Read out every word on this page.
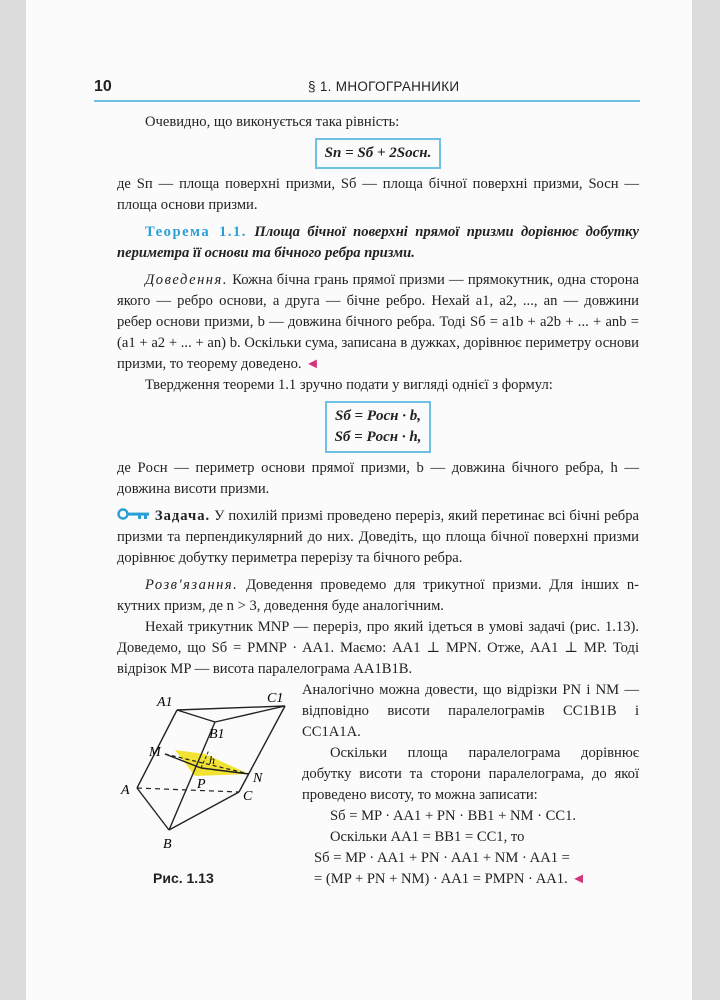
10	§ 1. МНОГОГРАННИКИ

Очевидно, що виконується така рівність:

Sп = Sб + 2Sосн.

де Sп — площа поверхні призми, Sб — площа бічної поверхні призми, Sосн — площа основи призми.

Теорема 1.1. Площа бічної поверхні прямої призми дорівнює добутку периметра її основи та бічного ребра призми.

Доведення. Кожна бічна грань прямої призми — прямокутник, одна сторона якого — ребро основи, а друга — бічне ребро. Нехай a1, a2, ..., an — довжини ребер основи призми, b — довжина бічного ребра. Тоді Sб = a1b + a2b + ... + anb = (a1 + a2 + ... + an) b. Оскільки сума, записана в дужках, дорівнює периметру основи призми, то теорему доведено. ◄

Твердження теореми 1.1 зручно подати у вигляді однієї з формул:

Sб = Pосн · b,
Sб = Pосн · h,

де Pосн — периметр основи прямої призми, b — довжина бічного ребра, h — довжина висоти призми.

Задача. У похилій призмі проведено переріз, який перетинає всі бічні ребра призми та перпендикулярний до них. Доведіть, що площа бічної поверхні призми дорівнює добутку периметра перерізу та бічного ребра.

Розв'язання. Доведення проведемо для трикутної призми. Для інших n-кутних призм, де n > 3, доведення буде аналогічним.

Нехай трикутник MNP — переріз, про який ідеться в умові задачі (рис. 1.13). Доведемо, що Sб = PMNP · AA1. Маємо: AA1 ⊥ MPN. Отже, AA1 ⊥ MP. Тоді відрізок MP — висота паралелограма AA1B1B.

A1
B1
C1
M	h
P	N
A	C
B
Рис. 1.13

Аналогічно можна довести, що відрізки PN і NM — відповідно висоти паралелограмів CC1B1B і CC1A1A.

Оскільки площа паралелограма дорівнює добутку висоти та сторони паралелограма, до якої проведено висоту, то можна записати:

Sб = MP · AA1 + PN · BB1 + NM · CC1.

Оскільки AA1 = BB1 = CC1, то

Sб = MP · AA1 + PN · AA1 + NM · AA1 =

= (MP + PN + NM) · AA1 = PMPN · AA1. ◄
